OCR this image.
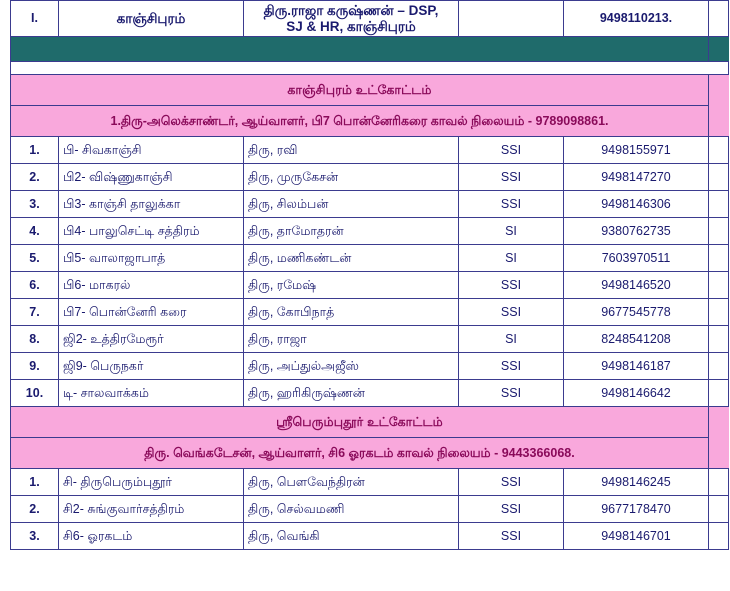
I.	காஞ்சிபுரம்	திரு.ராஜா கருஷ்ணன் – DSP,
SJ & HR, காஞ்சிபுரம்		9498110213.	

காஞ்சிபுரம் உட்கோட்டம்					
1.திரு-அலெக்சாண்டர், ஆய்வாளர், பி7 பொன்னேரிகரை காவல் நிலையம் - 9789098861.					
1.	பி- சிவகாஞ்சி	திரு, ரவி	SSI	9498155971	
2.	பி2- விஷ்ணுகாஞ்சி	திரு, முருகேசன்	SSI	9498147270	
3.	பி3- காஞ்சி தாலுக்கா	திரு, சிலம்பன்	SSI	9498146306	
4.	பி4- பாலுசெட்டி சத்திரம்	திரு, தாமோதரன்	SI	9380762735	
5.	பி5- வாலாஜாபாத்	திரு, மணிகண்டன்	SI	7603970511	
6.	பி6- மாகரல்	திரு, ரமேஷ்	SSI	9498146520	
7.	பி7- பொன்னேரி கரை	திரு, கோபிநாத்	SSI	9677545778	
8.	ஜி2- உத்திரமேரூர்	திரு, ராஜா	SI	8248541208	
9.	ஜி9- பெருநகர்	திரு, அப்துல்அஜீஸ்	SSI	9498146187	
10.	டி- சாலவாக்கம்	திரு, ஹரிகிருஷ்ணன்	SSI	9498146642	
ஸ்ரீபெரும்புதூர் உட்கோட்டம்					
திரு. வெங்கடேசன், ஆய்வாளர், சி6 ஓரகடம் காவல் நிலையம் - 9443366068.					
1.	சி- திருபெரும்புதூர்	திரு, பௌவேந்திரன்	SSI	9498146245	
2.	சி2- சுங்குவார்சத்திரம்	திரு, செல்வமணி	SSI	9677178470	
3.	சி6- ஓரகடம்	திரு, வெங்கி	SSI	9498146701	
